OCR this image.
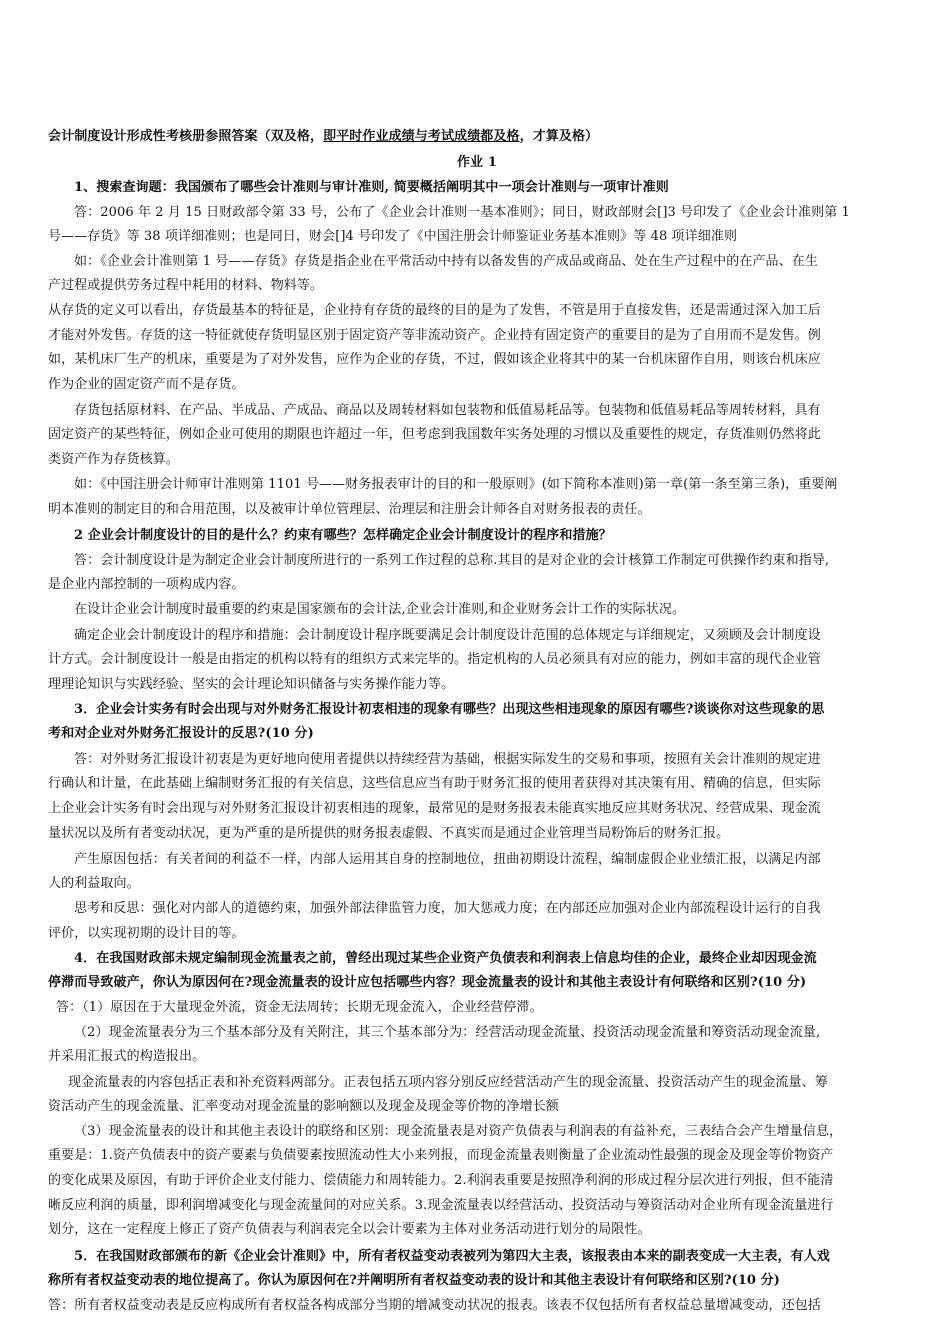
会计制度设计形成性考核册参照答案（双及格，即平时作业成绩与考试成绩都及格，才算及格）
作业 1
1、搜索查询题：我国颁布了哪些会计准则与审计准则, 简要概括阐明其中一项会计准则与一项审计准则
答：2006 年 2 月 15 日财政部令第 33 号，公布了《企业会计准则一基本准则》；同日，财政部财会[]3 号印发了《企业会计准则第 1
号——存货》等 38 项详细准则；也是同日，财会[]4 号印发了《中国注册会计师鉴证业务基本准则》等 48 项详细准则
如：《企业会计准则第 1 号——存货》存货是指企业在平常活动中持有以备发售的产成品或商品、处在生产过程中的在产品、在生
产过程或提供劳务过程中耗用的材料、物料等。
从存货的定义可以看出，存货最基本的特征是，企业持有存货的最终的目的是为了发售，不管是用于直接发售，还是需通过深入加工后
才能对外发售。存货的这一特征就使存货明显区别于固定资产等非流动资产。企业持有固定资产的重要目的是为了自用而不是发售。例
如，某机床厂生产的机床，重要是为了对外发售，应作为企业的存货，不过，假如该企业将其中的某一台机床留作自用，则该台机床应
作为企业的固定资产而不是存货。
存货包括原材料、在产品、半成品、产成品、商品以及周转材料如包装物和低值易耗品等。包装物和低值易耗品等周转材料，具有
固定资产的某些特征，例如企业可使用的期限也许超过一年，但考虑到我国数年实务处理的习惯以及重要性的规定，存货准则仍然将此
类资产作为存货核算。
如：《中国注册会计师审计准则第 1101 号——财务报表审计的目的和一般原则》(如下简称本准则)第一章(第一条至第三条)，重要阐
明本准则的制定目的和合用范围，以及被审计单位管理层、治理层和注册会计师各自对财务报表的责任。
2 企业会计制度设计的目的是什么？约束有哪些？怎样确定企业会计制度设计的程序和措施？
答：会计制度设计是为制定企业会计制度所进行的一系列工作过程的总称.其目的是对企业的会计核算工作制定可供操作约束和指导,
是企业内部控制的一项构成内容。
在设计企业会计制度时最重要的约束是国家颁布的会计法,企业会计准则,和企业财务会计工作的实际状况。
确定企业会计制度设计的程序和措施：会计制度设计程序既要满足会计制度设计范围的总体规定与详细规定，又须顾及会计制度设
计方式。会计制度设计一般是由指定的机构以特有的组织方式来完毕的。指定机构的人员必须具有对应的能力，例如丰富的现代企业管
理理论知识与实践经验、坚实的会计理论知识储备与实务操作能力等。
3．企业会计实务有时会出现与对外财务汇报设计初衷相违的现象有哪些？出现这些相违现象的原因有哪些?谈谈你对这些现象的思
考和对企业对外财务汇报设计的反思?(10 分)
答：对外财务汇报设计初衷是为更好地向使用者提供以持续经营为基础，根据实际发生的交易和事项，按照有关会计准则的规定进
行确认和计量，在此基础上编制财务汇报的有关信息，这些信息应当有助于财务汇报的使用者获得对其决策有用、精确的信息，但实际
上企业会计实务有时会出现与对外财务汇报设计初衷相违的现象，最常见的是财务报表未能真实地反应其财务状况、经营成果、现金流
量状况以及所有者变动状况，更为严重的是所提供的财务报表虚假、不真实而是通过企业管理当局粉饰后的财务汇报。
产生原因包括：有关者间的利益不一样，内部人运用其自身的控制地位，扭曲初期设计流程，编制虚假企业业绩汇报，以满足内部
人的利益取向。
思考和反思：强化对内部人的道德约束，加强外部法律监管力度，加大惩戒力度；在内部还应加强对企业内部流程设计运行的自我
评价，以实现初期的设计目的等。
4．在我国财政部未规定编制现金流量表之前，曾经出现过某些企业资产负债表和利润表上信息均佳的企业，最终企业却因现金流
停滞而导致破产，你认为原因何在?现金流量表的设计应包括哪些内容？现金流量表的设计和其他主表设计有何联络和区别?(10 分)
答：（1）原因在于大量现金外流，资金无法周转；长期无现金流入，企业经营停滞。
（2）现金流量表分为三个基本部分及有关附注，其三个基本部分为：经营活动现金流量、投资活动现金流量和筹资活动现金流量,
并采用汇报式的构造报出。
现金流量表的内容包括正表和补充资料两部分。正表包括五项内容分别反应经营活动产生的现金流量、投资活动产生的现金流量、筹
资活动产生的现金流量、汇率变动对现金流量的影响额以及现金及现金等价物的净增长额
（3）现金流量表的设计和其他主表设计的联络和区别：现金流量表是对资产负债表与利润表的有益补充，三表结合会产生增量信息，
重要是：1.资产负债表中的资产要素与负债要素按照流动性大小来列报，而现金流量表则衡量了企业流动性最强的现金及现金等价物资产
的变化成果及原因，有助于评价企业支付能力、偿债能力和周转能力。2.利润表重要是按照净利润的形成过程分层次进行列报，但不能清
晰反应利润的质量，即利润增减变化与现金流量间的对应关系。3.现金流量表以经营活动、投资活动与筹资活动对企业所有现金流量进行
划分，这在一定程度上修正了资产负债表与利润表完全以会计要素为主体对业务活动进行划分的局限性。
5．在我国财政部颁布的新《企业会计准则》中，所有者权益变动表被列为第四大主表，该报表由本来的副表变成一大主表，有人戏
称所有者权益变动表的地位提高了。你认为原因何在?并阐明所有者权益变动表的设计和其他主表设计有何联络和区别?(10 分)
答：所有者权益变动表是反应构成所有者权益各构成部分当期的增减变动状况的报表。该表不仅包括所有者权益总量增减变动，还包括
